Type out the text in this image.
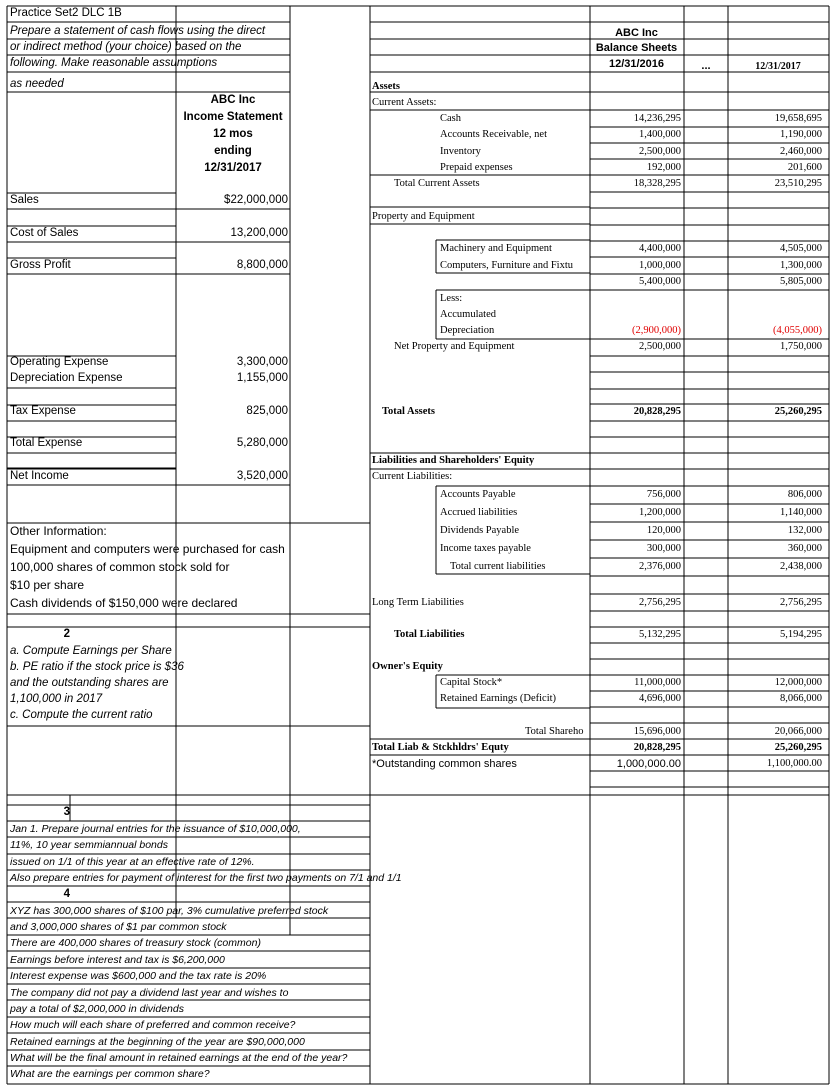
Practice Set2 DLC 1B
Prepare a statement of cash flows using the direct
or indirect method (your choice) based on the
following. Make reasonable assumptions
as needed
ABC Inc
Income Statement
12 mos
ending
12/31/2017
Sales	$22,000,000
Cost of Sales	13,200,000
Gross Profit	8,800,000
Operating Expense	3,300,000
Depreciation Expense	1,155,000
Tax Expense	825,000
Total Expense	5,280,000
Net Income	3,520,000
Other Information:
Equipment and computers were purchased for cash
100,000 shares of common stock sold for
$10 per share
Cash dividends of $150,000 were declared
2
a. Compute Earnings per Share
b. PE ratio if the stock price is $36
and the outstanding shares are
1,100,000 in 2017
c. Compute the current ratio
ABC Inc
Balance Sheets
12/31/2016	...	12/31/2017
Assets
Current Assets:
Cash	14,236,295	19,658,695
Accounts Receivable, net	1,400,000	1,190,000
Inventory	2,500,000	2,460,000
Prepaid expenses	192,000	201,600
Total Current Assets	18,328,295	23,510,295
Property and Equipment
Machinery and Equipment	4,400,000	4,505,000
Computers, Furniture and Fixtu	1,000,000	1,300,000
5,400,000	5,805,000
Less:
Accumulated
Depreciation	(2,900,000)	(4,055,000)
Net Property and Equipment	2,500,000	1,750,000
Total Assets	20,828,295	25,260,295
Liabilities and Shareholders' Equity
Current Liabilities:
Accounts Payable	756,000	806,000
Accrued liabilities	1,200,000	1,140,000
Dividends Payable	120,000	132,000
Income taxes payable	300,000	360,000
Total current liabilities	2,376,000	2,438,000
Long Term Liabilities	2,756,295	2,756,295
Total Liabilities	5,132,295	5,194,295
Owner's Equity
Capital Stock*	11,000,000	12,000,000
Retained Earnings (Deficit)	4,696,000	8,066,000
Total Shareho	15,696,000	20,066,000
Total Liab & Stckhldrs' Equty	20,828,295	25,260,295
*Outstanding common shares	1,000,000.00	1,100,000.00
3
Jan 1. Prepare journal entries for the issuance of $10,000,000,
11%, 10 year semmiannual bonds
issued on 1/1 of this year at an effective rate of 12%.
Also prepare entries for payment of interest for the first two payments on 7/1 and 1/1
4
XYZ has 300,000 shares of $100 par, 3% cumulative preferred stock
and 3,000,000 shares of $1 par common stock
There are 400,000 shares of treasury stock (common)
Earnings before interest and tax is $6,200,000
Interest expense was $600,000 and the tax rate is 20%
The company did not pay a dividend last year and wishes to
pay a total of $2,000,000 in dividends
How much will each share of preferred and common receive?
Retained earnings at the beginning of the year are $90,000,000
What will be the final amount in retained earnings at the end of the year?
What are the earnings per common share?
